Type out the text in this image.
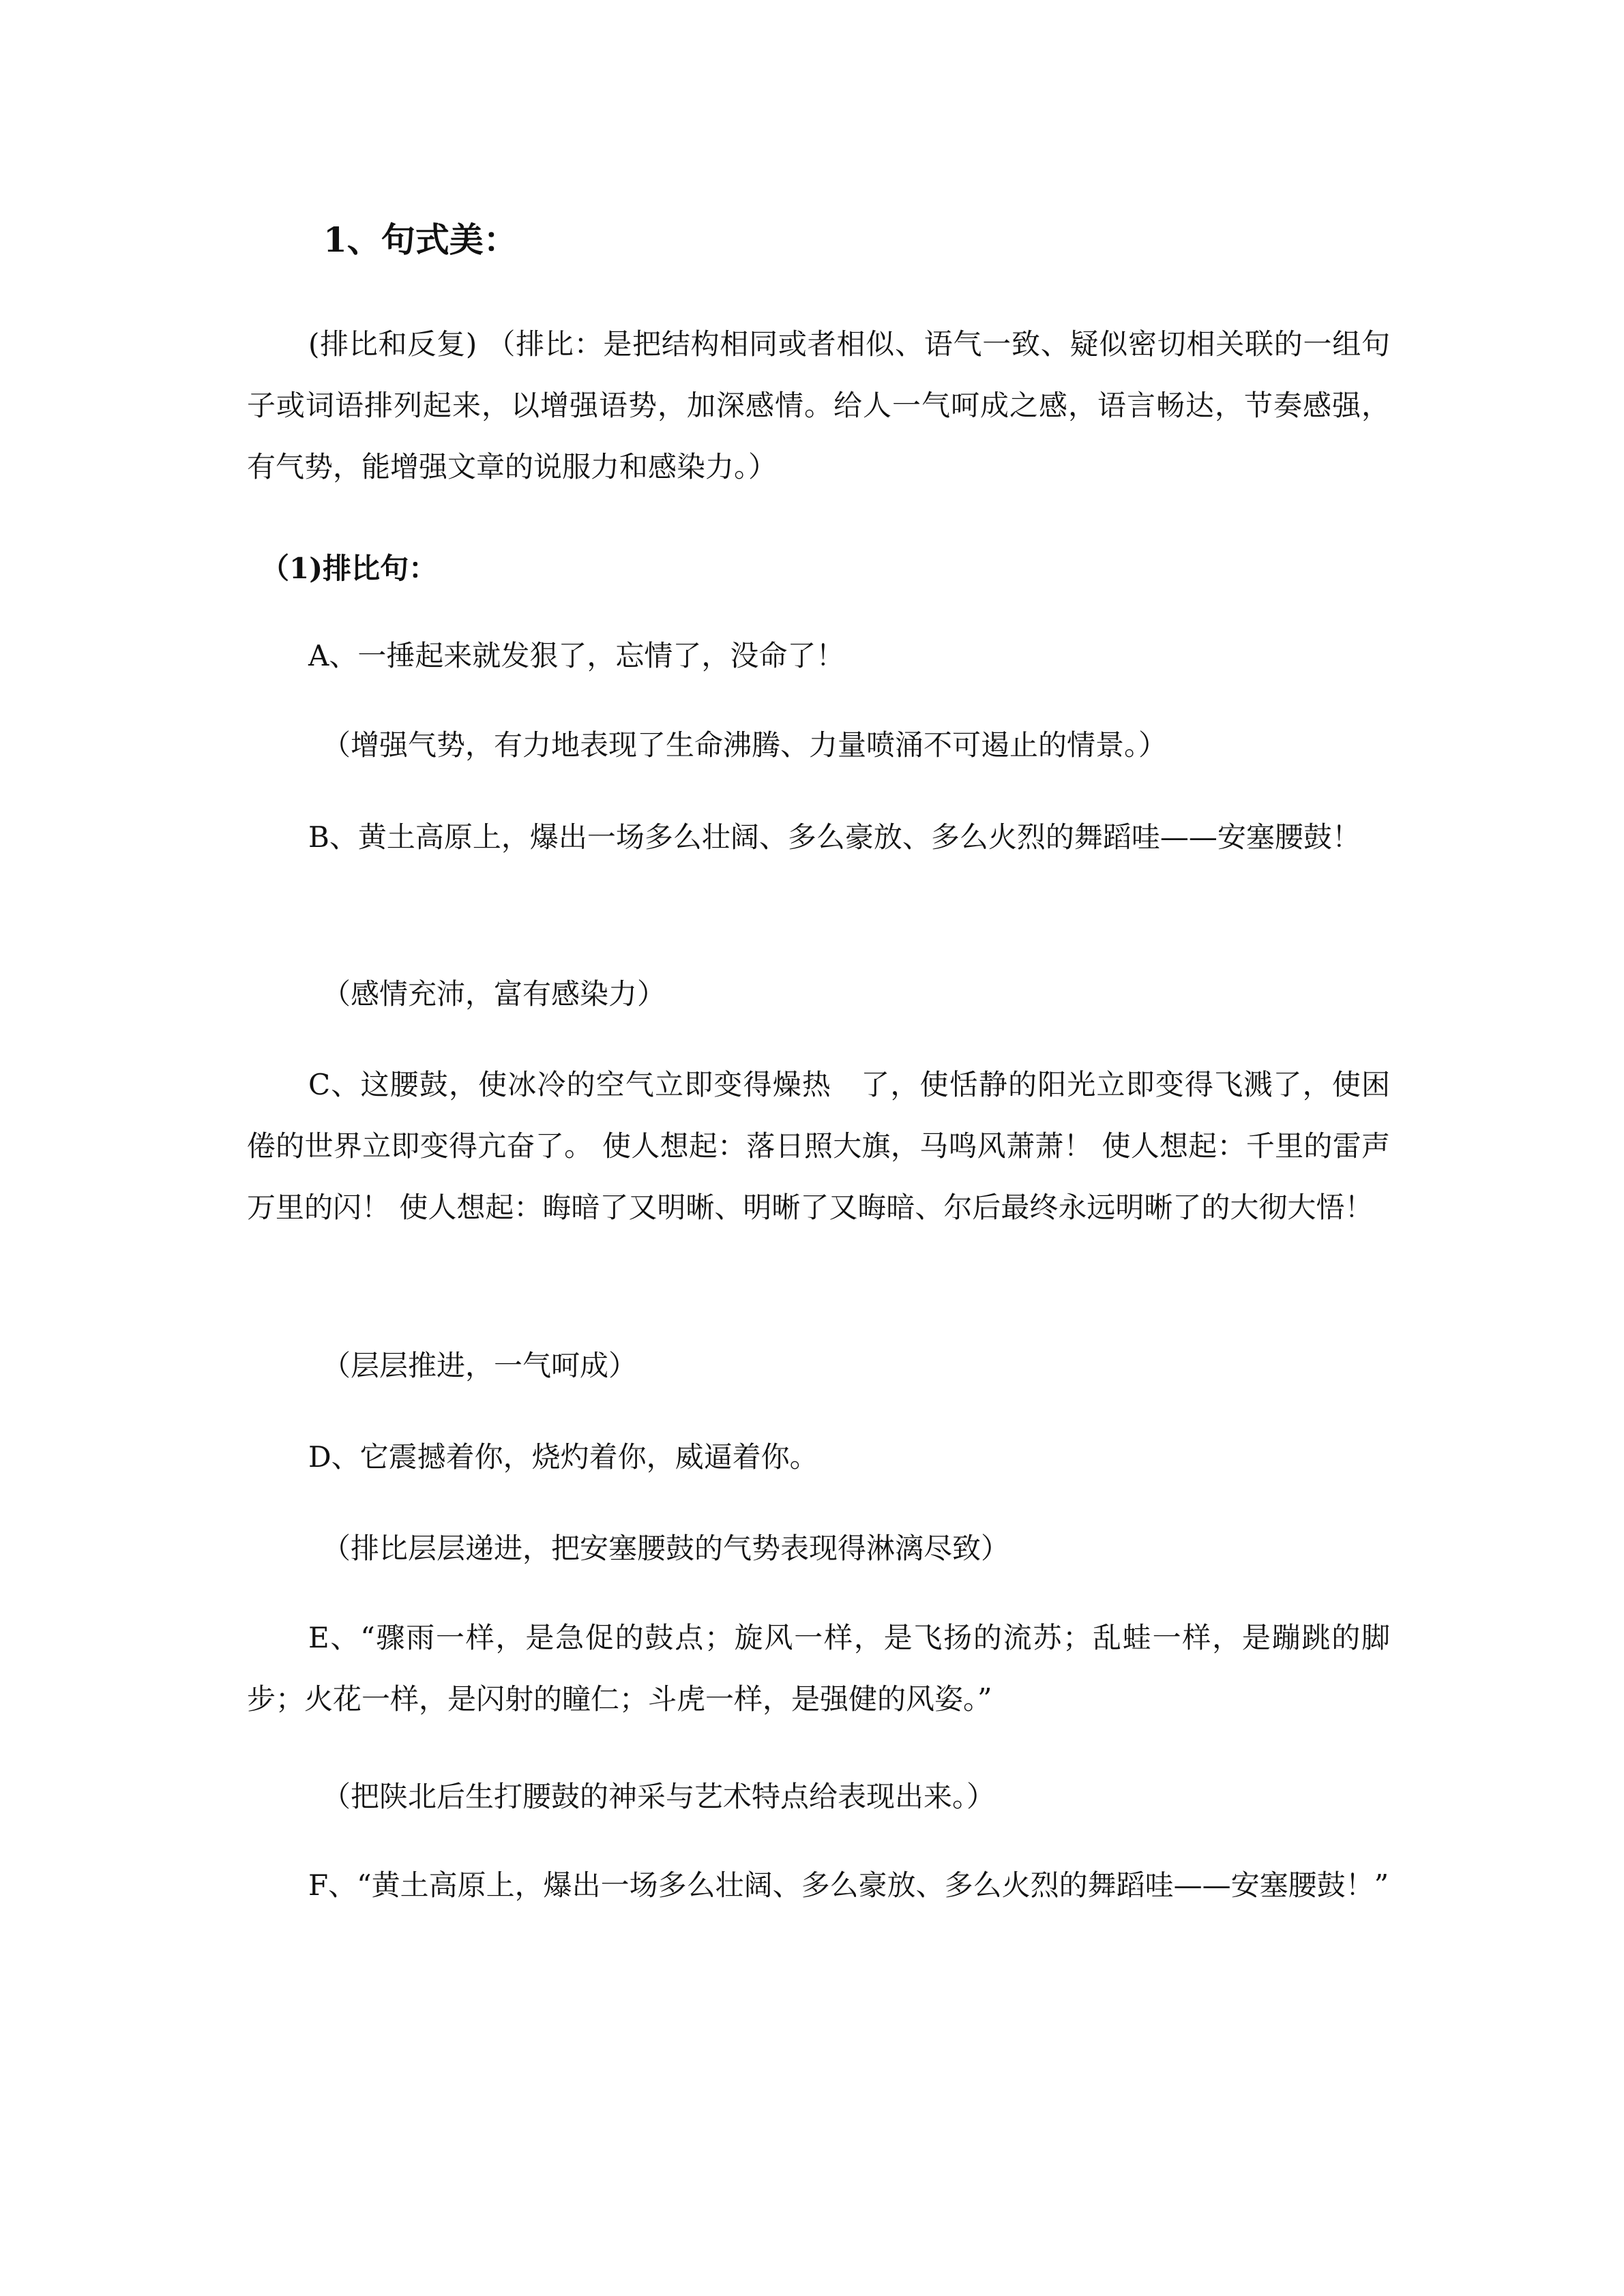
1、句式美：
(排比和反复) （排比：是把结构相同或者相似、语气一致、疑似密切相关联的一组句子或词语排列起来，以增强语势，加深感情。给人一气呵成之感，语言畅达，节奏感强，有气势，能增强文章的说服力和感染力。）
（1)排比句：
A、一捶起来就发狠了，忘情了，没命了！
（增强气势，有力地表现了生命沸腾、力量喷涌不可遏止的情景。）
B、黄土高原上，爆出一场多么壮阔、多么豪放、多么火烈的舞蹈哇——安塞腰鼓！
（感情充沛，富有感染力）
C、这腰鼓，使冰冷的空气立即变得燥热　了，使恬静的阳光立即变得飞溅了，使困倦的世界立即变得亢奋了。 使人想起：落日照大旗，马鸣风萧萧！ 使人想起：千里的雷声万里的闪！ 使人想起：晦暗了又明晰、明晰了又晦暗、尔后最终永远明晰了的大彻大悟！
（层层推进，一气呵成）
D、它震撼着你，烧灼着你，威逼着你。
（排比层层递进，把安塞腰鼓的气势表现得淋漓尽致）
E、“骤雨一样，是急促的鼓点；旋风一样，是飞扬的流苏；乱蛙一样，是蹦跳的脚步；火花一样，是闪射的瞳仁；斗虎一样，是强健的风姿。”
（把陕北后生打腰鼓的神采与艺术特点给表现出来。）
F、“黄土高原上，爆出一场多么壮阔、多么豪放、多么火烈的舞蹈哇——安塞腰鼓！”
